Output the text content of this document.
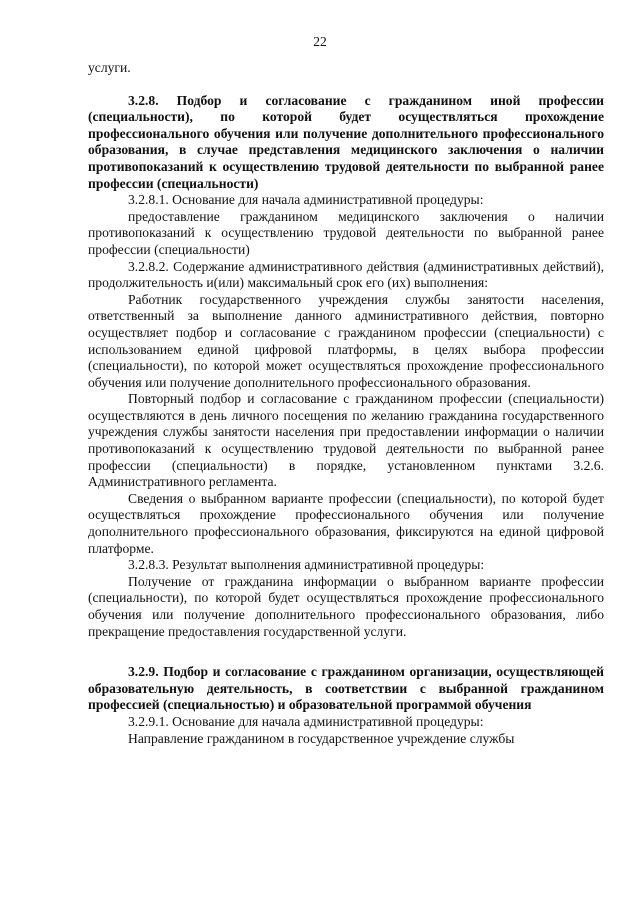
22

услуги.

3.2.8. Подбор и согласование с гражданином иной профессии (специальности), по которой будет осуществляться прохождение профессионального обучения или получение дополнительного профессионального образования, в случае представления медицинского заключения о наличии противопоказаний к осуществлению трудовой деятельности по выбранной ранее профессии (специальности)

3.2.8.1. Основание для начала административной процедуры:

предоставление гражданином медицинского заключения о наличии противопоказаний к осуществлению трудовой деятельности по выбранной ранее профессии (специальности)

3.2.8.2. Содержание административного действия (административных действий), продолжительность и(или) максимальный срок его (их) выполнения:

Работник государственного учреждения службы занятости населения, ответственный за выполнение данного административного действия, повторно осуществляет подбор и согласование с гражданином профессии (специальности) с использованием единой цифровой платформы, в целях выбора профессии (специальности), по которой может осуществляться прохождение профессионального обучения или получение дополнительного профессионального образования.

Повторный подбор и согласование с гражданином профессии (специальности) осуществляются в день личного посещения по желанию гражданина государственного учреждения службы занятости населения при предоставлении информации о наличии противопоказаний к осуществлению трудовой деятельности по выбранной ранее профессии (специальности) в порядке, установленном пунктами 3.2.6. Административного регламента.

Сведения о выбранном варианте профессии (специальности), по которой будет осуществляться прохождение профессионального обучения или получение дополнительного профессионального образования, фиксируются на единой цифровой платформе.

3.2.8.3. Результат выполнения административной процедуры:

Получение от гражданина информации о выбранном варианте профессии (специальности), по которой будет осуществляться прохождение профессионального обучения или получение дополнительного профессионального образования, либо прекращение предоставления государственной услуги.

3.2.9. Подбор и согласование с гражданином организации, осуществляющей образовательную деятельность, в соответствии с выбранной гражданином профессией (специальностью) и образовательной программой обучения

3.2.9.1. Основание для начала административной процедуры:

Направление гражданином в государственное учреждение службы
